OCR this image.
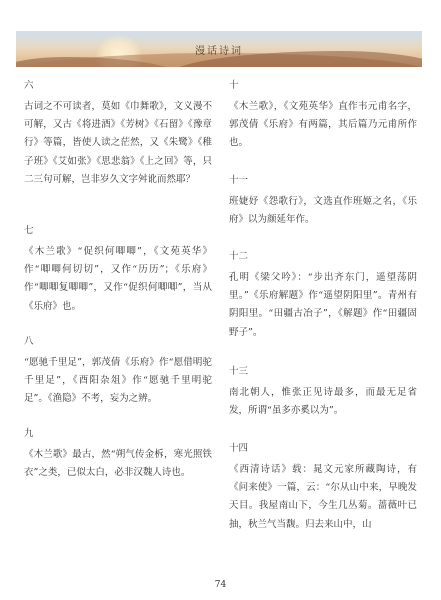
漫话诗词

六

古词之不可读者，莫如《巾舞歌》，文义漫不可解，又古《将进酒》《芳树》《石留》《豫章行》等篇，皆使人读之茫然，又《朱鹭》《稚子班》《艾如张》《思悲翁》《上之回》等，只二三句可解，岂非岁久文字舛讹而然耶？

七

《木兰歌》“促织何唧唧”，《文苑英华》作“唧唧何切切”，又作“历历”；《乐府》作“唧唧复唧唧”，又作“促织何唧唧”，当从《乐府》也。

八

“愿驰千里足”，郭茂倩《乐府》作“愿借明驼千里足”，《酉阳杂俎》作“愿驰千里明驼足”。《渔隐》不考，妄为之辨。

九

《木兰歌》最古，然“朔气传金柝，寒光照铁衣”之类，已似太白，必非汉魏人诗也。

十

《木兰歌》，《文苑英华》直作韦元甫名字，郭茂倩《乐府》有两篇，其后篇乃元甫所作也。

十一

班婕妤《怨歌行》，文选直作班姬之名，《乐府》以为颜延年作。

十二

孔明《梁父吟》：“步出齐东门，遥望荡阴里。”《乐府解题》作“遥望阴阳里”。青州有阴阳里。“田疆古冶子”，《解题》作“田疆固野子”。

十三

南北朝人，惟张正见诗最多，而最无足省发，所谓“虽多亦奚以为”。

十四

《西清诗话》载：晁文元家所藏陶诗，有《问来使》一篇，云：“尔从山中来，早晚发天目。我屋南山下，今生几丛菊。蔷薇叶已抽，秋兰气当馥。归去来山中，山

74
